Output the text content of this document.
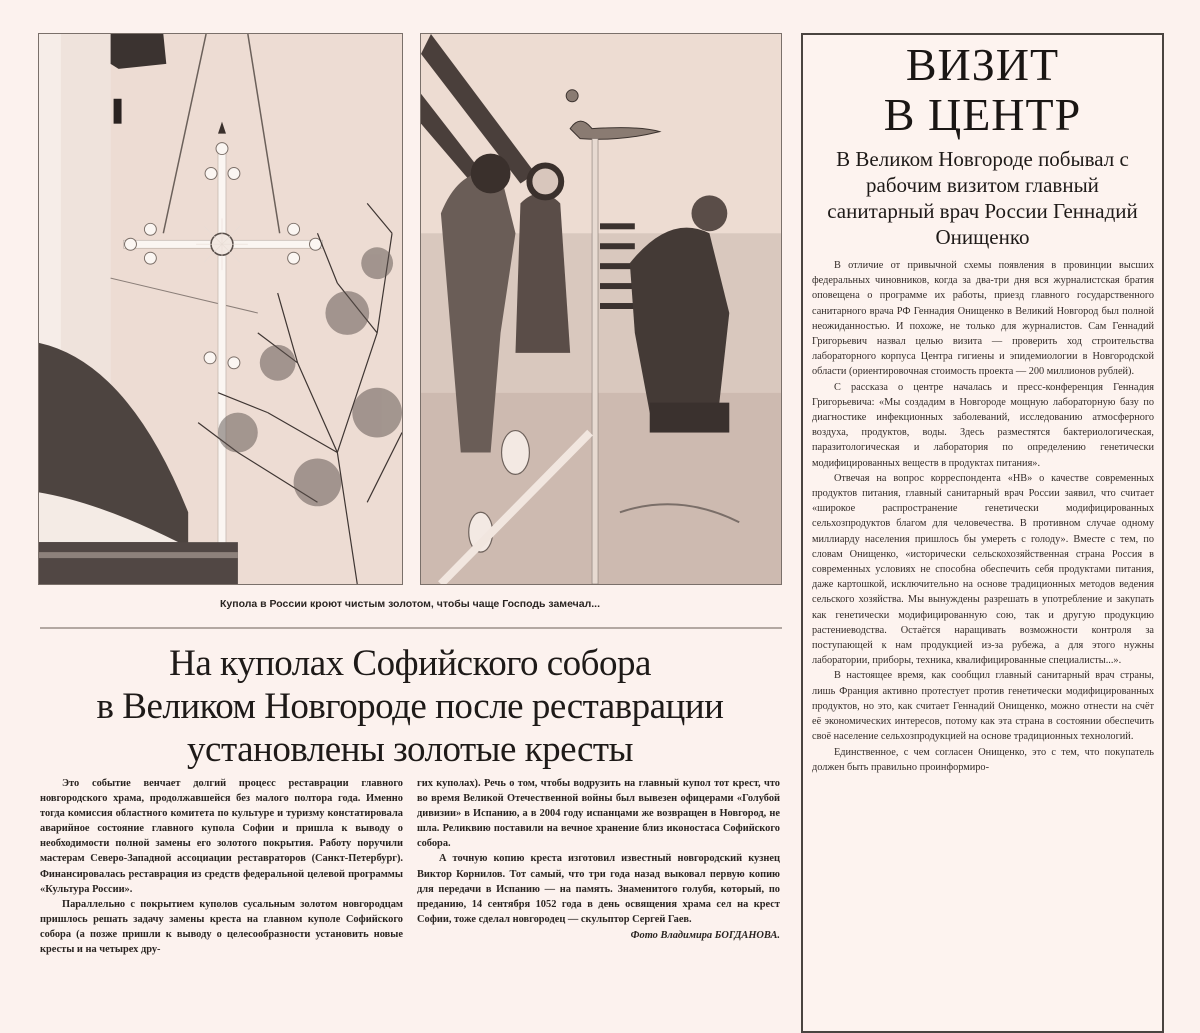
Купола в России кроют чистым золотом, чтобы чаще Господь замечал...
На куполах Софийского собора
в Великом Новгороде после реставрации
установлены золотые кресты

Это событие венчает долгий процесс реставрации главного новгородского храма, продолжавшейся без малого полтора года. Именно тогда комиссия областного комитета по культуре и туризму констатировала аварийное состояние главного купола Софии и пришла к выводу о необходимости полной замены его золотого покрытия. Работу поручили мастерам Северо-Западной ассоциации реставраторов (Санкт-Петербург). Финансировалась реставрация из средств федеральной целевой программы «Культура России».

Параллельно с покрытием куполов сусальным золотом новгородцам пришлось решать задачу замены креста на главном куполе Софийского собора (а позже пришли к выводу о целесообразности установить новые кресты и на четырех дру-

гих куполах). Речь о том, чтобы водрузить на главный купол тот крест, что во время Великой Отечественной войны был вывезен офицерами «Голубой дивизии» в Испанию, а в 2004 году испанцами же возвращен в Новгород, не шла. Реликвию поставили на вечное хранение близ иконостаса Софийского собора.

А точную копию креста изготовил известный новгородский кузнец Виктор Корнилов. Тот самый, что три года назад выковал первую копию для передачи в Испанию — на память. Знаменитого голубя, который, по преданию, 14 сентября 1052 года в день освящения храма сел на крест Софии, тоже сделал новгородец — скульптор Сергей Гаев.

Фото Владимира БОГДАНОВА.
ВИЗИТ
В ЦЕНТР
В Великом Новгороде побывал с рабочим визитом главный санитарный врач России Геннадий Онищенко

В отличие от привычной схемы появления в провинции высших федеральных чиновников, когда за два-три дня вся журналистская братия оповещена о программе их работы, приезд главного государственного санитарного врача РФ Геннадия Онищенко в Великий Новгород был полной неожиданностью. И похоже, не только для журналистов. Сам Геннадий Григорьевич назвал целью визита — проверить ход строительства лабораторного корпуса Центра гигиены и эпидемиологии в Новгородской области (ориентировочная стоимость проекта — 200 миллионов рублей).

С рассказа о центре началась и пресс-конференция Геннадия Григорьевича: «Мы создадим в Новгороде мощную лабораторную базу по диагностике инфекционных заболеваний, исследованию атмосферного воздуха, продуктов, воды. Здесь разместятся бактериологическая, паразитологическая и лаборатория по определению генетически модифицированных веществ в продуктах питания».

Отвечая на вопрос корреспондента «НВ» о качестве современных продуктов питания, главный санитарный врач России заявил, что считает «широкое распространение генетически модифицированных сельхозпродуктов благом для человечества. В противном случае одному миллиарду населения пришлось бы умереть с голоду». Вместе с тем, по словам Онищенко, «исторически сельскохозяйственная страна Россия в современных условиях не способна обеспечить себя продуктами питания, даже картошкой, исключительно на основе традиционных методов ведения сельского хозяйства. Мы вынуждены разрешать в употребление и закупать как генетически модифицированную сою, так и другую продукцию растениеводства. Остаётся наращивать возможности контроля за поступающей к нам продукцией из-за рубежа, а для этого нужны лаборатории, приборы, техника, квалифицированные специалисты...».

В настоящее время, как сообщил главный санитарный врач страны, лишь Франция активно протестует против генетически модифицированных продуктов, но это, как считает Геннадий Онищенко, можно отнести на счёт её экономических интересов, потому как эта страна в состоянии обеспечить своё население сельхозпродукцией на основе традиционных технологий.

Единственное, с чем согласен Онищенко, это с тем, что покупатель должен быть правильно проинформиро-
